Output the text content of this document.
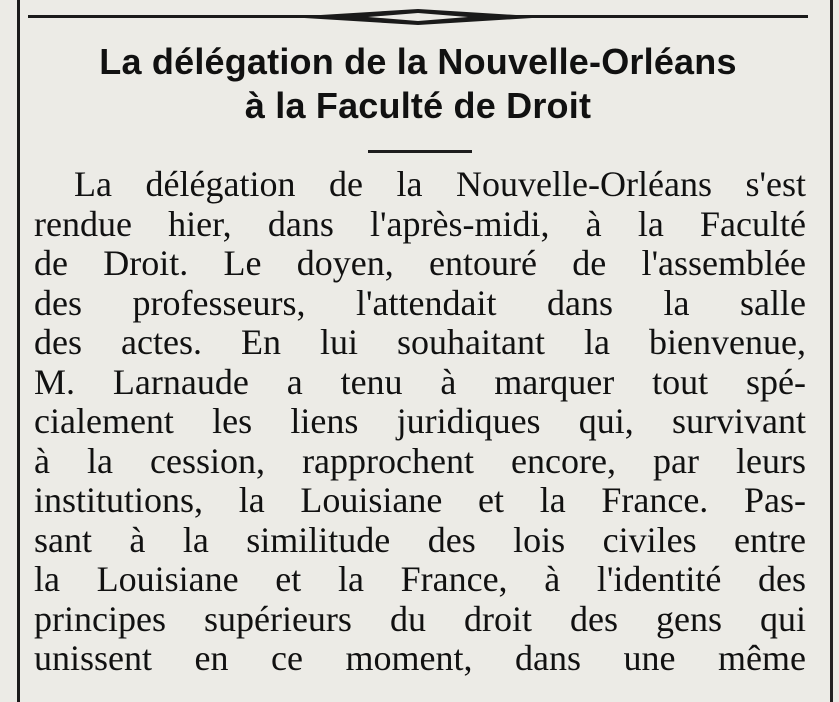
La délégation de la Nouvelle-Orléans
à la Faculté de Droit
La délégation de la Nouvelle-Orléans s'est
rendue hier, dans l'après-midi, à la Faculté
de Droit. Le doyen, entouré de l'assemblée
des professeurs, l'attendait dans la salle
des actes. En lui souhaitant la bienvenue,
M. Larnaude a tenu à marquer tout spé-
cialement les liens juridiques qui, survivant
à la cession, rapprochent encore, par leurs
institutions, la Louisiane et la France. Pas-
sant à la similitude des lois civiles entre
la Louisiane et la France, à l'identité des
principes supérieurs du droit des gens qui
unissent en ce moment, dans une même
